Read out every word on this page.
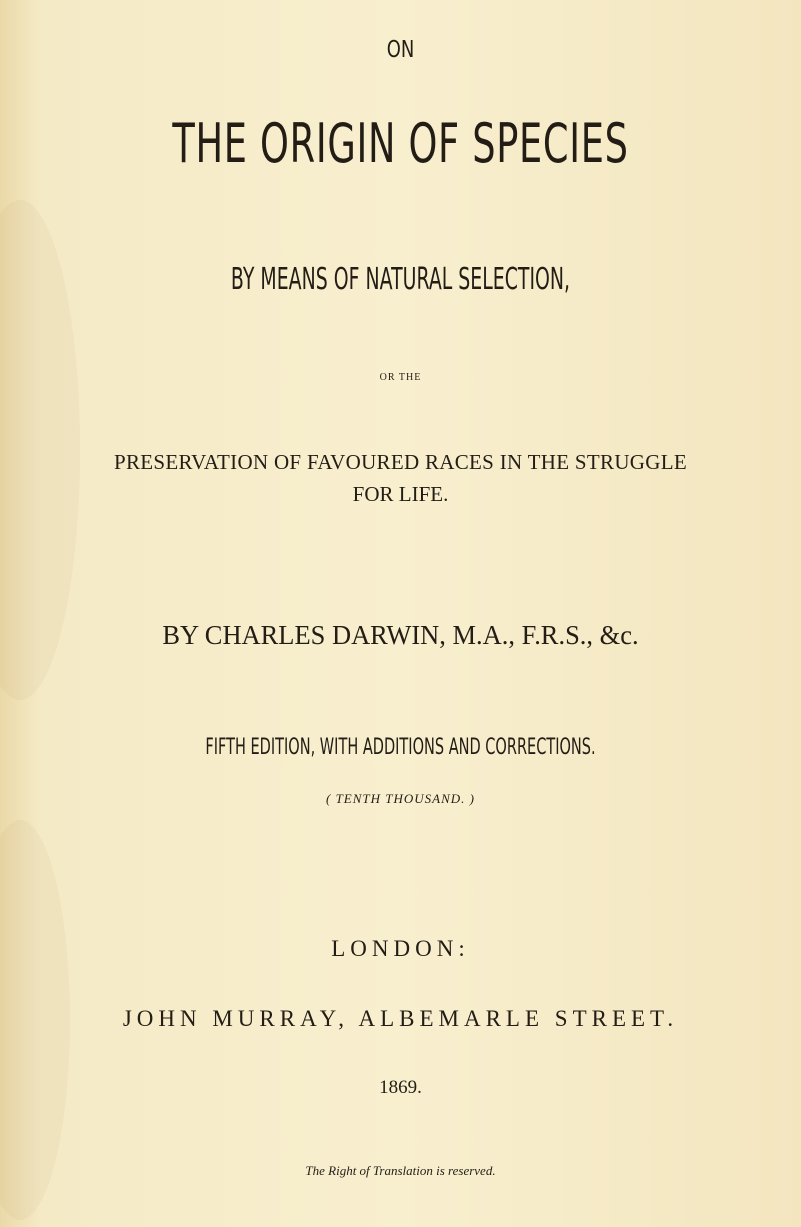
ON
THE ORIGIN OF SPECIES
BY MEANS OF NATURAL SELECTION,
OR THE
PRESERVATION OF FAVOURED RACES IN THE STRUGGLE
FOR LIFE.
BY CHARLES DARWIN, M.A., F.R.S., &c.
FIFTH EDITION, WITH ADDITIONS AND CORRECTIONS.
( TENTH THOUSAND. )
LONDON:
JOHN MURRAY, ALBEMARLE STREET.
1869.
The Right of Translation is reserved.
